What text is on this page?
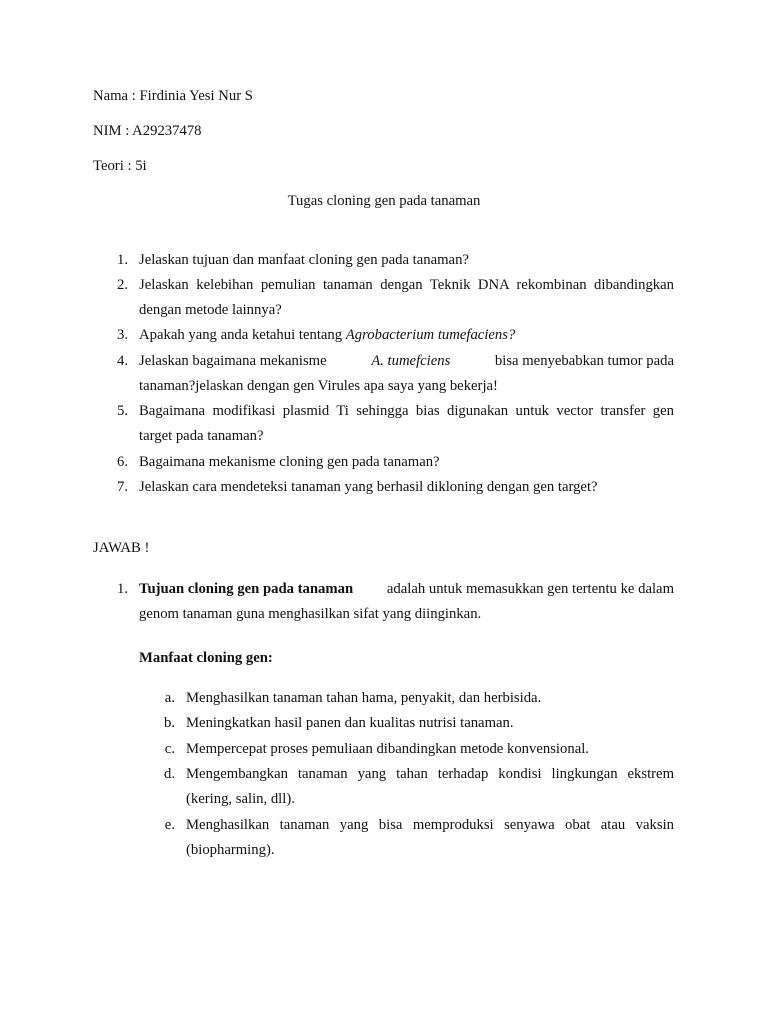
Nama : Firdinia Yesi Nur S
NIM : A29237478
Teori : 5i
Tugas cloning gen pada tanaman
1. Jelaskan tujuan dan manfaat cloning gen pada tanaman?
2. Jelaskan kelebihan pemulian tanaman dengan Teknik DNA rekombinan dibandingkan
dengan metode lainnya?
3. Apakah yang anda ketahui tentang Agrobacterium tumefaciens?
4. Jelaskan bagaimana mekanisme	A. tumefciens	bisa menyebabkan tumor pada
tanaman?jelaskan dengan gen Virules apa saya yang bekerja!
5. Bagaimana modifikasi plasmid Ti sehingga bias digunakan untuk vector transfer gen
target pada tanaman?
6. Bagaimana mekanisme cloning gen pada tanaman?
7. Jelaskan cara mendeteksi tanaman yang berhasil dikloning dengan gen target?
JAWAB !
1. Tujuan cloning gen pada tanaman adalah untuk memasukkan gen tertentu ke dalam
genom tanaman guna menghasilkan sifat yang diinginkan.
Manfaat cloning gen:
a. Menghasilkan tanaman tahan hama, penyakit, dan herbisida.
b. Meningkatkan hasil panen dan kualitas nutrisi tanaman.
c. Mempercepat proses pemuliaan dibandingkan metode konvensional.
d. Mengembangkan tanaman yang tahan terhadap kondisi lingkungan ekstrem
(kering, salin, dll).
e. Menghasilkan tanaman yang bisa memproduksi senyawa obat atau vaksin
(biopharming).
